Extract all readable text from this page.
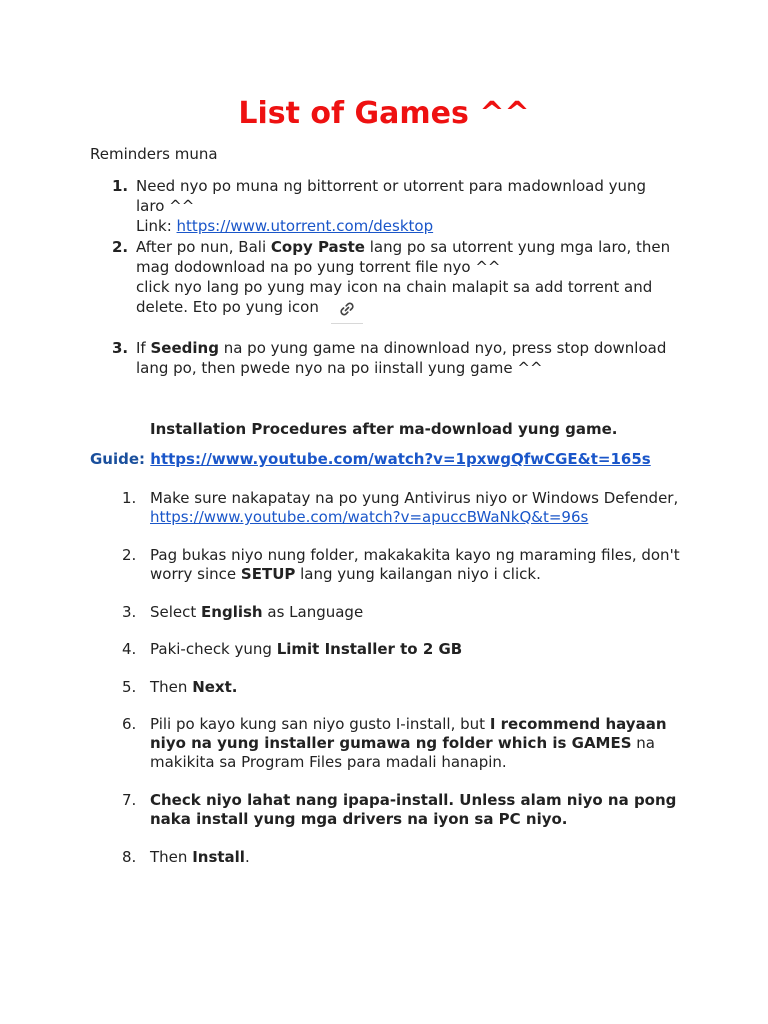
List of Games ^^
Reminders muna
1. Need nyo po muna ng bittorrent or utorrent para madownload yung laro ^^
Link: https://www.utorrent.com/desktop
2. After po nun, Bali Copy Paste lang po sa utorrent yung mga laro, then mag dodownload na po yung torrent file nyo ^^
click nyo lang po yung may icon na chain malapit sa add torrent and delete. Eto po yung icon
3. If Seeding na po yung game na dinownload nyo, press stop download lang po, then pwede nyo na po iinstall yung game ^^
Installation Procedures after ma-download yung game.
Guide: https://www.youtube.com/watch?v=1pxwgQfwCGE&t=165s
1. Make sure nakapatay na po yung Antivirus niyo or Windows Defender, https://www.youtube.com/watch?v=apuccBWaNkQ&t=96s
2. Pag bukas niyo nung folder, makakakita kayo ng maraming files, don't worry since SETUP lang yung kailangan niyo i click.
3. Select English as Language
4. Paki-check yung Limit Installer to 2 GB
5. Then Next.
6. Pili po kayo kung san niyo gusto I-install, but I recommend hayaan niyo na yung installer gumawa ng folder which is GAMES na makikita sa Program Files para madali hanapin.
7. Check niyo lahat nang ipapa-install. Unless alam niyo na pong naka install yung mga drivers na iyon sa PC niyo.
8. Then Install.
